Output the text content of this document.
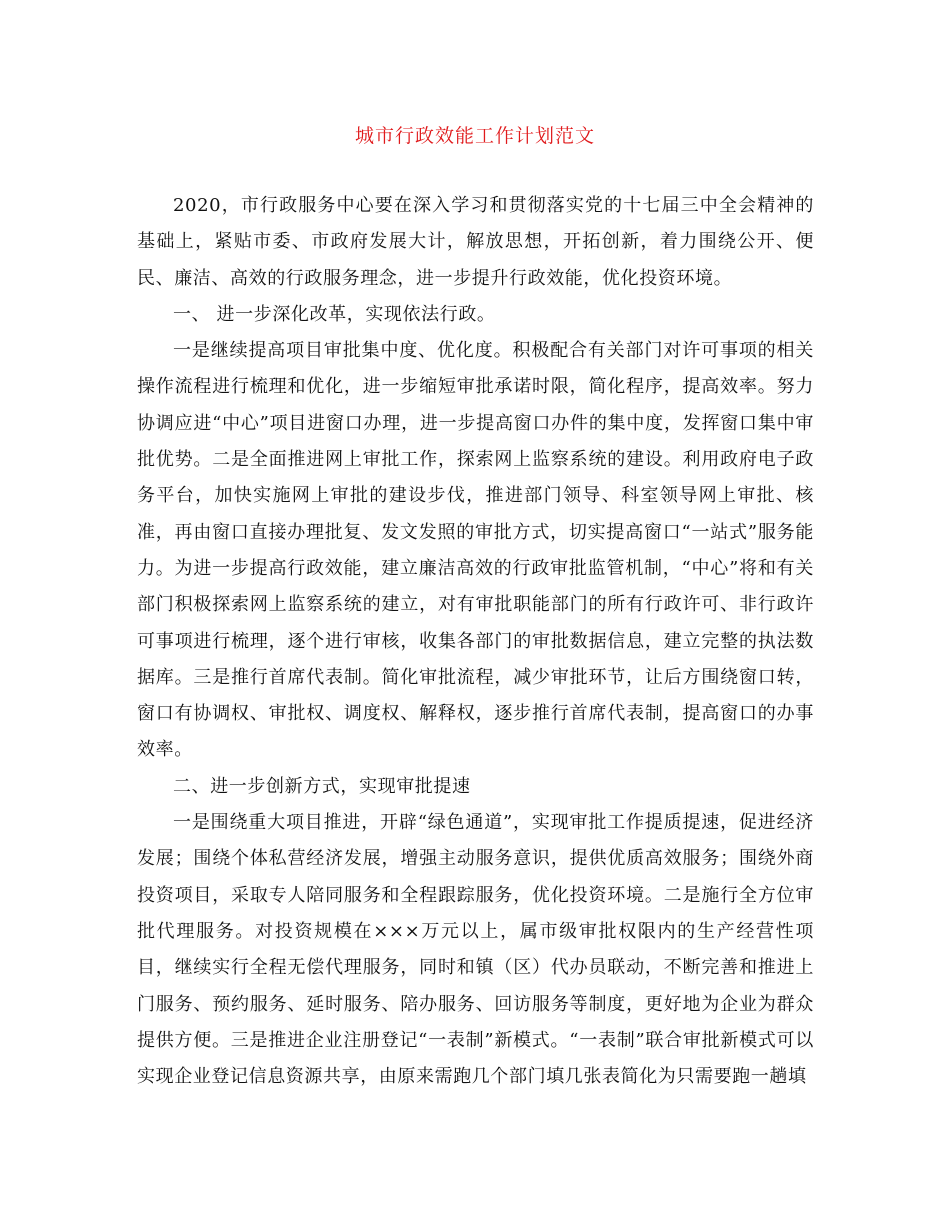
城市行政效能工作计划范文

2020，市行政服务中心要在深入学习和贯彻落实党的十七届三中全会精神的基础上，紧贴市委、市政府发展大计，解放思想，开拓创新，着力围绕公开、便民、廉洁、高效的行政服务理念，进一步提升行政效能，优化投资环境。

一、 进一步深化改革，实现依法行政。

一是继续提高项目审批集中度、优化度。积极配合有关部门对许可事项的相关操作流程进行梳理和优化，进一步缩短审批承诺时限，简化程序，提高效率。努力协调应进“中心”项目进窗口办理，进一步提高窗口办件的集中度，发挥窗口集中审批优势。二是全面推进网上审批工作，探索网上监察系统的建设。利用政府电子政务平台，加快实施网上审批的建设步伐，推进部门领导、科室领导网上审批、核准，再由窗口直接办理批复、发文发照的审批方式，切实提高窗口“一站式”服务能力。为进一步提高行政效能，建立廉洁高效的行政审批监管机制，“中心”将和有关部门积极探索网上监察系统的建立，对有审批职能部门的所有行政许可、非行政许可事项进行梳理，逐个进行审核，收集各部门的审批数据信息，建立完整的执法数据库。三是推行首席代表制。简化审批流程，减少审批环节，让后方围绕窗口转，窗口有协调权、审批权、调度权、解释权，逐步推行首席代表制，提高窗口的办事效率。

二、进一步创新方式，实现审批提速

一是围绕重大项目推进，开辟“绿色通道”，实现审批工作提质提速，促进经济发展；围绕个体私营经济发展，增强主动服务意识，提供优质高效服务；围绕外商投资项目，采取专人陪同服务和全程跟踪服务，优化投资环境。二是施行全方位审批代理服务。对投资规模在×××万元以上，属市级审批权限内的生产经营性项目，继续实行全程无偿代理服务，同时和镇（区）代办员联动，不断完善和推进上门服务、预约服务、延时服务、陪办服务、回访服务等制度，更好地为企业为群众提供方便。三是推进企业注册登记“一表制”新模式。“一表制”联合审批新模式可以实现企业登记信息资源共享，由原来需跑几个部门填几张表简化为只需要跑一趟填
